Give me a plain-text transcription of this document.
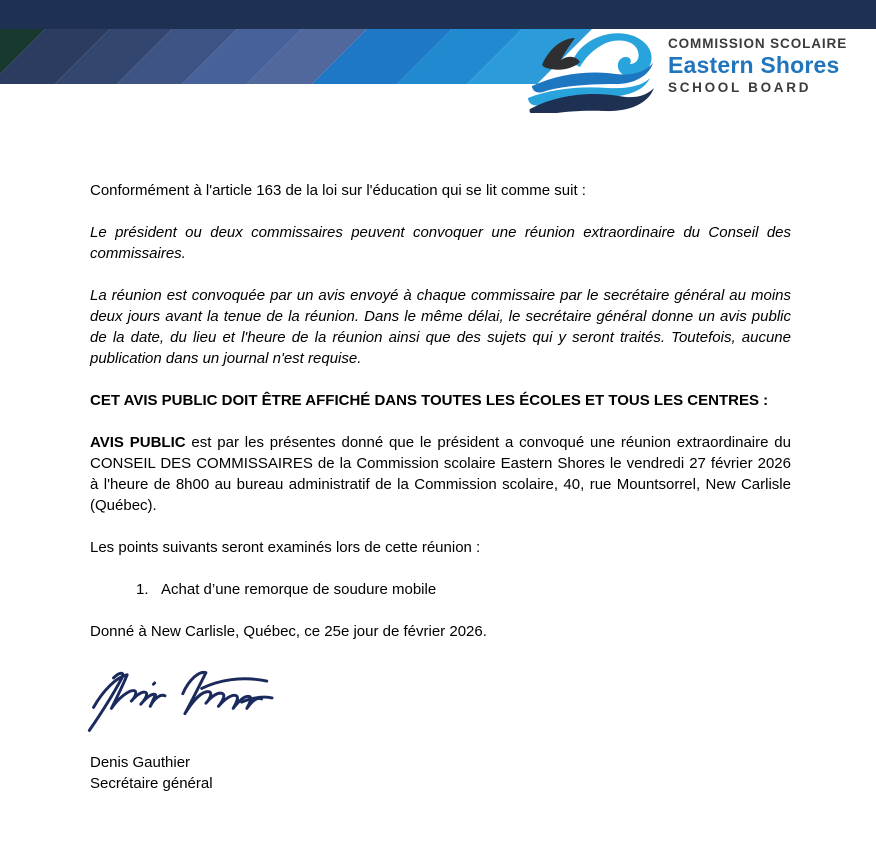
COMMISSION SCOLAIRE
Eastern Shores
SCHOOL BOARD

Conformément à l'article 163 de la loi sur l'éducation qui se lit comme suit :

Le président ou deux commissaires peuvent convoquer une réunion extraordinaire du Conseil des commissaires.

La réunion est convoquée par un avis envoyé à chaque commissaire par le secrétaire général au moins deux jours avant la tenue de la réunion. Dans le même délai, le secrétaire général donne un avis public de la date, du lieu et l'heure de la réunion ainsi que des sujets qui y seront traités. Toutefois, aucune publication dans un journal n'est requise.

CET AVIS PUBLIC DOIT ÊTRE AFFICHÉ DANS TOUTES LES ÉCOLES ET TOUS LES CENTRES :

AVIS PUBLIC est par les présentes donné que le président a convoqué une réunion extraordinaire du CONSEIL DES COMMISSAIRES de la Commission scolaire Eastern Shores le vendredi 27 février 2026 à l'heure de 8h00 au bureau administratif de la Commission scolaire, 40, rue Mountsorrel, New Carlisle (Québec).

Les points suivants seront examinés lors de cette réunion :

1. Achat d’une remorque de soudure mobile

Donné à New Carlisle, Québec, ce 25e jour de février 2026.

Denis Gauthier
Secrétaire général
